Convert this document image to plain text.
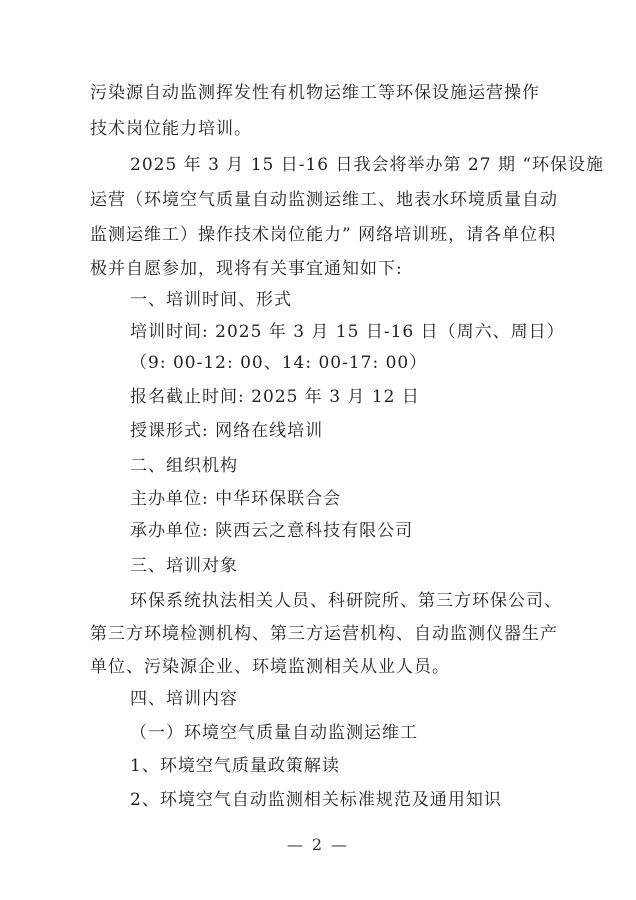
污染源自动监测挥发性有机物运维工等环保设施运营操作
技术岗位能力培训。
2025 年 3 月 15 日-16 日我会将举办第 27 期 “环保设施
运营（环境空气质量自动监测运维工、地表水环境质量自动
监测运维工）操作技术岗位能力” 网络培训班，请各单位积
极并自愿参加，现将有关事宜通知如下:
一、培训时间、形式
培训时间: 2025 年 3 月 15 日-16 日（周六、周日）
（9: 00-12: 00、14: 00-17: 00）
报名截止时间: 2025 年 3 月 12 日
授课形式: 网络在线培训
二、组织机构
主办单位: 中华环保联合会
承办单位: 陕西云之意科技有限公司
三、培训对象
环保系统执法相关人员、科研院所、第三方环保公司、
第三方环境检测机构、第三方运营机构、自动监测仪器生产
单位、污染源企业、环境监测相关从业人员。
四、培训内容
（一）环境空气质量自动监测运维工
1、环境空气质量政策解读
2、环境空气自动监测相关标准规范及通用知识
— 2 —
